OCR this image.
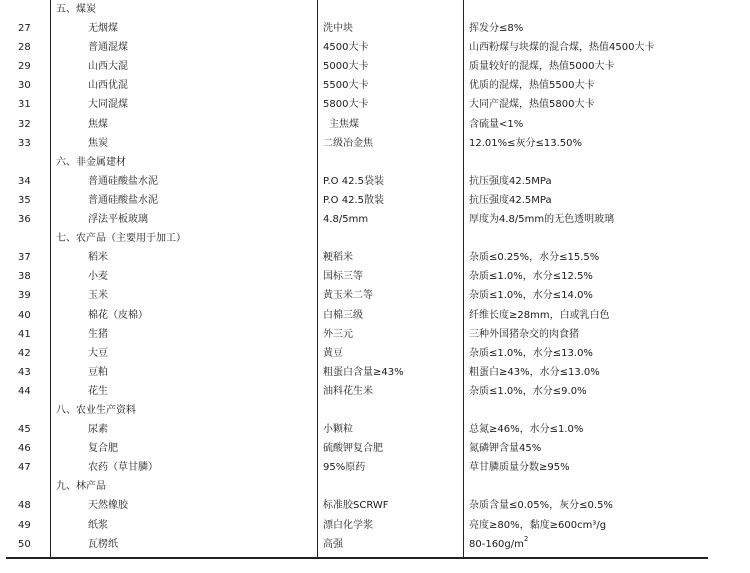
五、煤炭
27	无烟煤	洗中块	挥发分≤8%
28	普通混煤	4500大卡	山西粉煤与块煤的混合煤，热值4500大卡
29	山西大混	5000大卡	质量较好的混煤，热值5000大卡
30	山西优混	5500大卡	优质的混煤，热值5500大卡
31	大同混煤	5800大卡	大同产混煤，热值5800大卡
32	焦煤	主焦煤	含硫量<1%
33	焦炭	二级冶金焦	12.01%≤灰分≤13.50%
六、非金属建材
34	普通硅酸盐水泥	P.O 42.5袋装	抗压强度42.5MPa
35	普通硅酸盐水泥	P.O 42.5散装	抗压强度42.5MPa
36	浮法平板玻璃	4.8/5mm	厚度为4.8/5mm的无色透明玻璃
七、农产品（主要用于加工）
37	稻米	粳稻米	杂质≤0.25%，水分≤15.5%
38	小麦	国标三等	杂质≤1.0%，水分≤12.5%
39	玉米	黄玉米二等	杂质≤1.0%，水分≤14.0%
40	棉花（皮棉）	白棉三级	纤维长度≥28mm，白或乳白色
41	生猪	外三元	三种外国猪杂交的肉食猪
42	大豆	黄豆	杂质≤1.0%，水分≤13.0%
43	豆粕	粗蛋白含量≥43%	粗蛋白≥43%，水分≤13.0%
44	花生	油料花生米	杂质≤1.0%，水分≤9.0%
八、农业生产资料
45	尿素	小颗粒	总氮≥46%，水分≤1.0%
46	复合肥	硫酸钾复合肥	氮磷钾含量45%
47	农药（草甘膦）	95%原药	草甘膦质量分数≥95%
九、林产品
48	天然橡胶	标准胶SCRWF	杂质含量≤0.05%，灰分≤0.5%
49	纸浆	漂白化学浆	亮度≥80%，黏度≥600cm³/g
50	瓦楞纸	高强	$80-160g/m^2$
